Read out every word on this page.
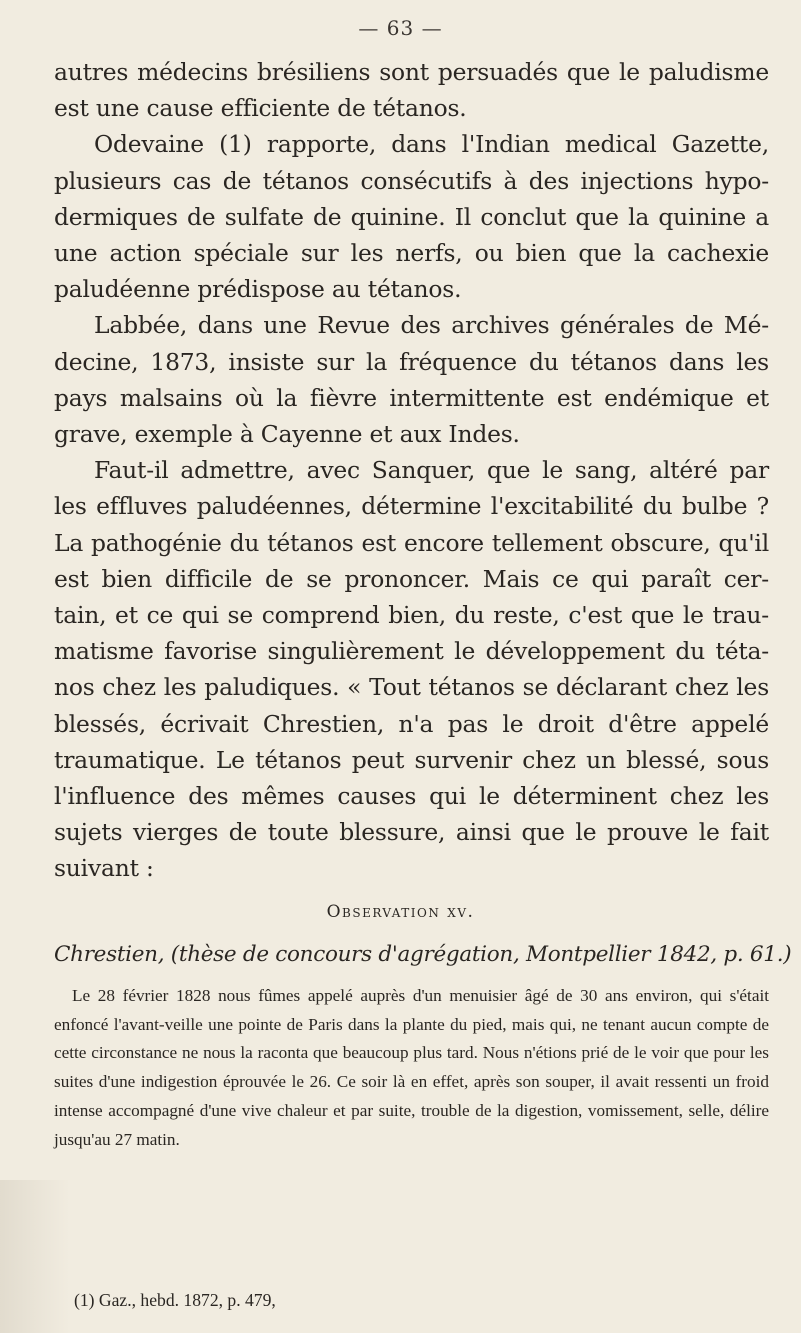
— 63 —

autres médecins brésiliens sont persuadés que le paludisme est une cause efficiente de tétanos.

Odevaine (1) rapporte, dans l'Indian medical Gazette, plusieurs cas de tétanos consécutifs à des injections hypo- dermiques de sulfate de quinine. Il conclut que la quinine a une action spéciale sur les nerfs, ou bien que la cachexie paludéenne prédispose au tétanos.

Labbée, dans une Revue des archives générales de Mé- decine, 1873, insiste sur la fréquence du tétanos dans les pays malsains où la fièvre intermittente est endémique et grave, exemple à Cayenne et aux Indes.

Faut-il admettre, avec Sanquer, que le sang, altéré par les effluves paludéennes, détermine l'excitabilité du bulbe ? La pathogénie du tétanos est encore tellement obscure, qu'il est bien difficile de se prononcer. Mais ce qui paraît cer- tain, et ce qui se comprend bien, du reste, c'est que le trau- matisme favorise singulièrement le développement du téta- nos chez les paludiques. « Tout tétanos se déclarant chez les blessés, écrivait Chrestien, n'a pas le droit d'être appelé traumatique. Le tétanos peut survenir chez un blessé, sous l'influence des mêmes causes qui le déterminent chez les sujets vierges de toute blessure, ainsi que le prouve le fait suivant :

Observation xv.
Chrestien, (thèse de concours d'agrégation, Montpellier 1842, p. 61.)

Le 28 février 1828 nous fûmes appelé auprès d'un menuisier âgé de 30 ans environ, qui s'était enfoncé l'avant-veille une pointe de Paris dans la plante du pied, mais qui, ne tenant aucun compte de cette circonstance ne nous la raconta que beaucoup plus tard. Nous n'étions prié de le voir que pour les suites d'une indigestion éprouvée le 26. Ce soir là en effet, après son souper, il avait ressenti un froid intense accompagné d'une vive chaleur et par suite, trouble de la digestion, vomissement, selle, délire jusqu'au 27 matin.

(1) Gaz., hebd. 1872, p. 479,
